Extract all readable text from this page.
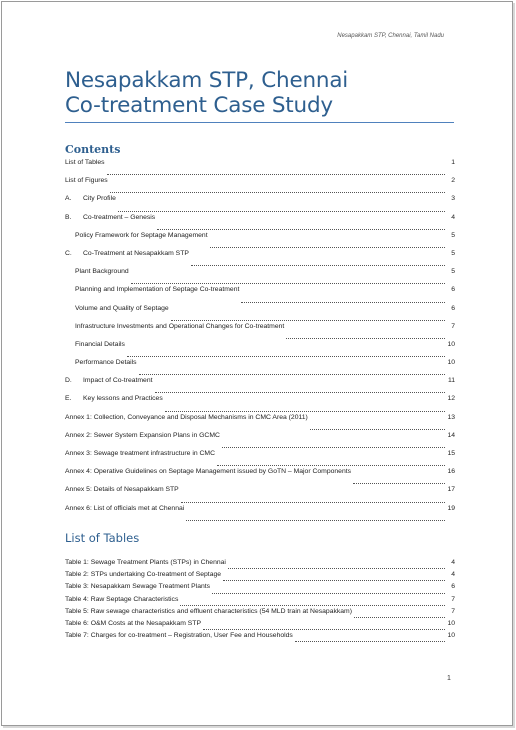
Nesapakkam STP, Chennai, Tamil Nadu
Nesapakkam STP, Chennai
Co-treatment Case Study
Contents
List of Tables	1
List of Figures	2
A.	City Profile	3
B.	Co-treatment – Genesis	4
Policy Framework for Septage Management	5
C.	Co-Treatment at Nesapakkam STP	5
Plant Background	5
Planning and Implementation of Septage Co-treatment	6
Volume and Quality of Septage	6
Infrastructure Investments and Operational Changes for Co-treatment	7
Financial Details	10
Performance Details	10
D.	Impact of Co-treatment	11
E.	Key lessons and Practices	12
Annex 1: Collection, Conveyance and Disposal Mechanisms in CMC Area (2011)	13
Annex 2: Sewer System Expansion Plans in GCMC	14
Annex 3: Sewage treatment infrastructure in CMC	15
Annex 4: Operative Guidelines on Septage Management issued by GoTN – Major Components	16
Annex 5: Details of Nesapakkam STP	17
Annex 6: List of officials met at Chennai	19
List of Tables
Table 1: Sewage Treatment Plants (STPs) in Chennai	4
Table 2: STPs undertaking Co-treatment of Septage	4
Table 3: Nesapakkam Sewage Treatment Plants	6
Table 4: Raw Septage Characteristics	7
Table 5: Raw sewage characteristics and effluent characteristics (54 MLD train at Nesapakkam)	7
Table 6: O&M Costs at the Nesapakkam STP	10
Table 7: Charges for co-treatment – Registration, User Fee and Households	10
1
